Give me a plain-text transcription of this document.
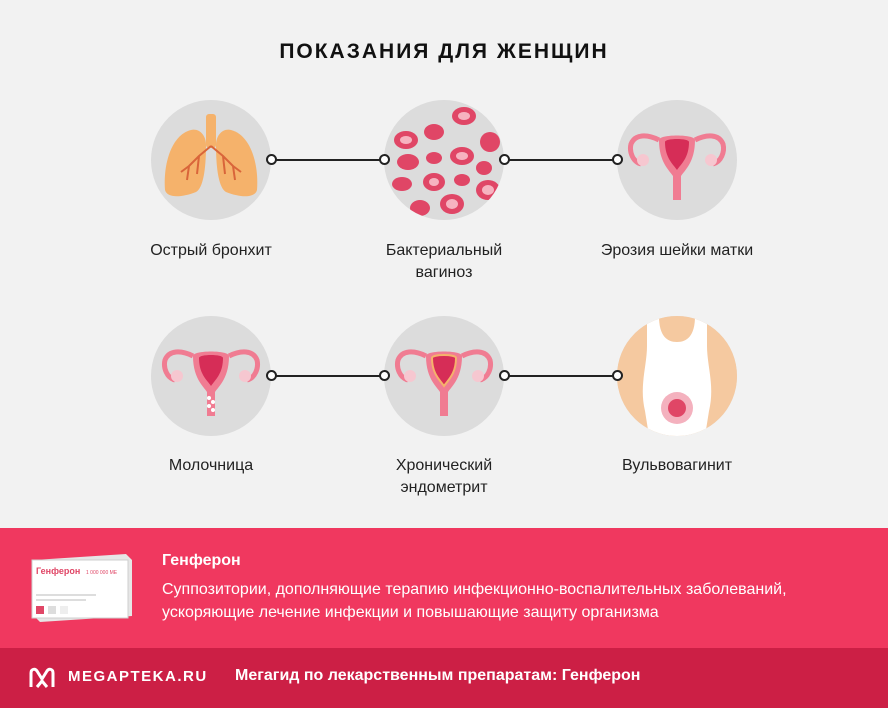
ПОКАЗАНИЯ ДЛЯ ЖЕНЩИН
Острый бронхит	Бактериальный вагиноз
Эрозия шейки матки
Молочница	Хронический эндометрит
Вульвовагинит
Генферон 1 000 000 МЕ
Генферон
Суппозитории, дополняющие терапию инфекционно-воспалительных заболеваний, ускоряющие лечение инфекции и повышающие защиту организма
MEGAPTEKA.RU Мегагид по лекарственным препаратам: Генферон
